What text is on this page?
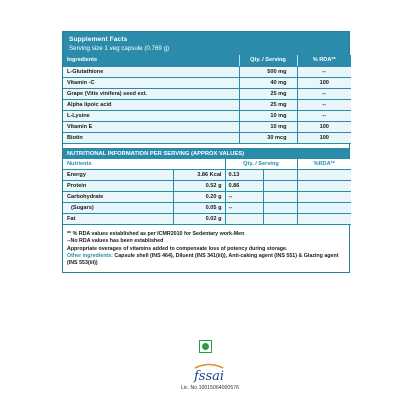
Supplement Facts
Serving size 1 veg capsule (0.769 g)
Ingredients	Qty. / Serving	% RDA**
L-Glutathione	500 mg	--
Vitamin -C	40 mg	100
Grape (Vitis vinifera) seed ext.	25 mg	--
Alpha lipoic acid	25 mg	--
L-Lysine	10 mg	--
Vitamin E	10 mg	100
Biotin	30 mcg	100
NUTRITIONAL INFORMATION PER SERVING (APPROX VALUES)
Nutrients		Qty. / Serving		%RDA**
Energy	3.86 Kcal	0.13		
Protein	0.52 g	0.86		
Carbohydrate	0.20 g	--		
(Sugars)	0.05 g	--		
Fat	0.02 g			
** % RDA values established as per ICMR2010 for Sedentary work-Men
--No RDA values has been established
Appropriate overages of vitamins added to compensate loss of potency during storage.
Other ingredients: Capsule shell (INS 464), Diluent (INS 341(iii)), Anti-caking agent (INS 551) & Glazing agent (INS 553(iii))
fssai
Lic. No.10015064000576
